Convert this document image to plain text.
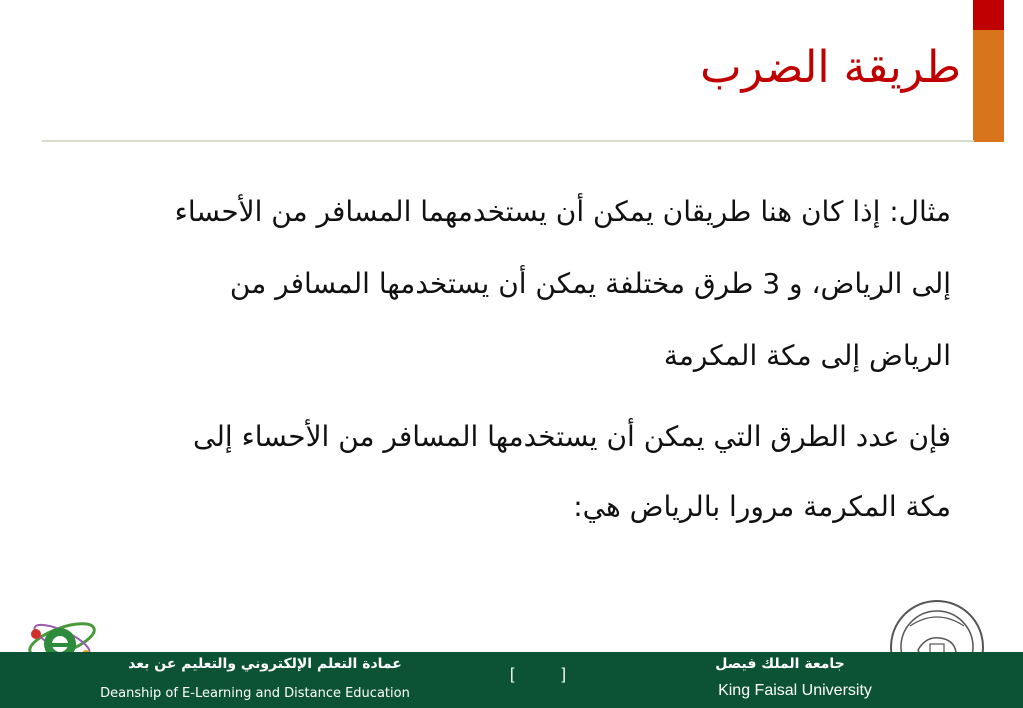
طريقة الضرب

مثال: إذا كان هنا طريقان يمكن أن يستخدمهما المسافر من الأحساء إلى الرياض، و 3 طرق مختلفة يمكن أن يستخدمها المسافر من الرياض إلى مكة المكرمة

فإن عدد الطرق التي يمكن أن يستخدمها المسافر من الأحساء إلى مكة المكرمة مرورا بالرياض هي:

عمادة التعلم الإلكتروني والتعليم عن بعد
Deanship of E-Learning and Distance Education
[	]
جامعة الملك فيصل
King Faisal University
